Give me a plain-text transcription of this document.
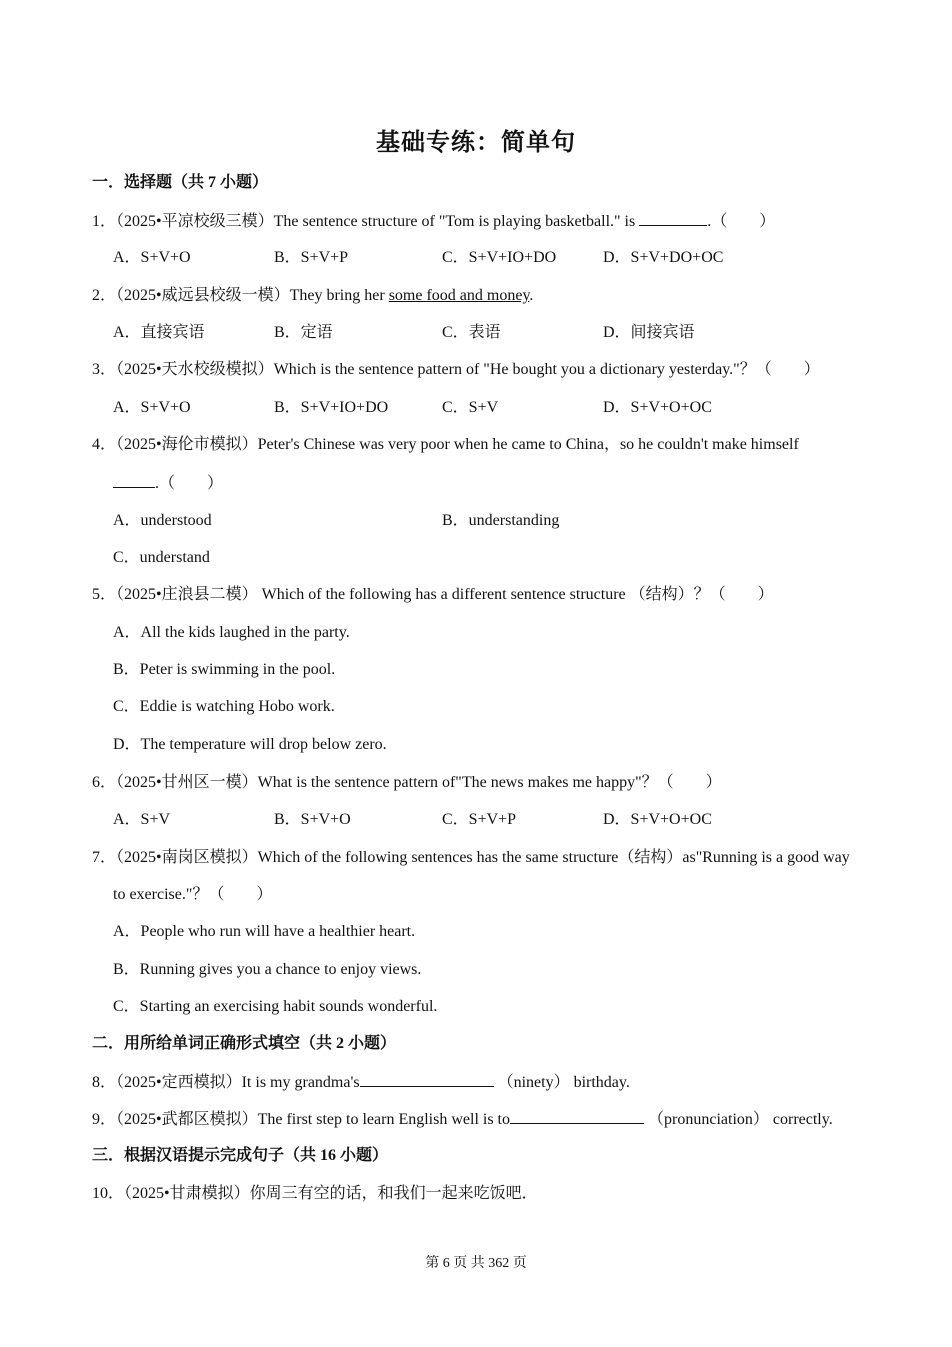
基础专练：简单句
一．选择题（共 7 小题）
1．（2025•平凉校级三模）The sentence structure of "Tom is playing basketball." is	.（　　）
A．S+V+O	B．S+V+P	C．S+V+IO+DO	D．S+V+DO+OC
2．（2025•威远县校级一模）They bring her some food and money.
A．直接宾语	B．定语	C．表语	D．间接宾语
3．（2025•天水校级模拟）Which is the sentence pattern of "He bought you a dictionary yesterday."？（　　）
A．S+V+O	B．S+V+IO+DO	C．S+V	D．S+V+O+OC
4．（2025•海伦市模拟）Peter's Chinese was very poor when he came to China，so he couldn't make himself
.（　　）
A．understood	B．understanding
C．understand
5．（2025•庄浪县二模） Which of the following has a different sentence structure （结构）？（　　）
A．All the kids laughed in the party.
B．Peter is swimming in the pool.
C．Eddie is watching Hobo work.
D．The temperature will drop below zero.
6．（2025•甘州区一模）What is the sentence pattern of"The news makes me happy"？（　　）
A．S+V	B．S+V+O	C．S+V+P	D．S+V+O+OC
7．（2025•南岗区模拟）Which of the following sentences has the same structure（结构）as"Running is a good way
to exercise."？（　　）
A．People who run will have a healthier heart.
B．Running gives you a chance to enjoy views.
C．Starting an exercising habit sounds wonderful.
二．用所给单词正确形式填空（共 2 小题）
8．（2025•定西模拟）It is my grandma's	（ninety） birthday.
9．（2025•武都区模拟）The first step to learn English well is to	（pronunciation） correctly.
三．根据汉语提示完成句子（共 16 小题）
10．（2025•甘肃模拟）你周三有空的话，和我们一起来吃饭吧．
第 6 页 共 362 页
